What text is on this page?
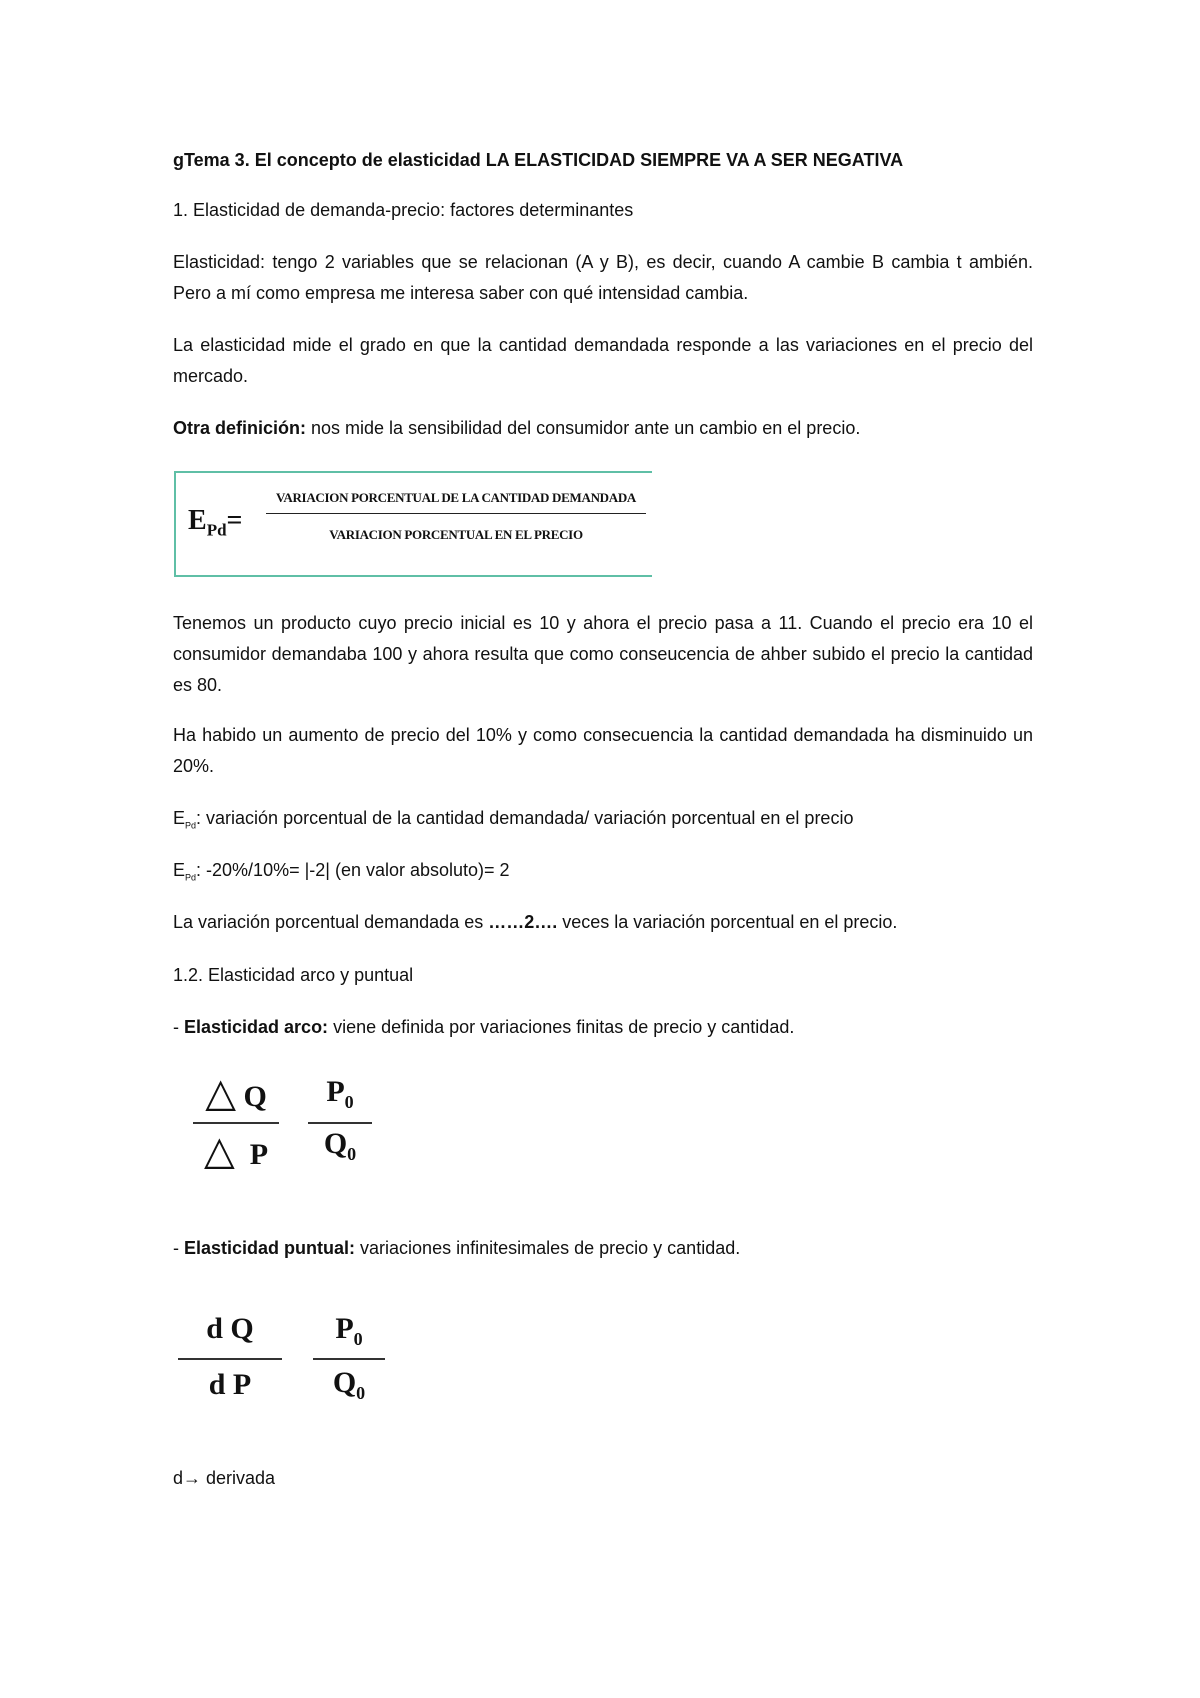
gTema 3. El concepto de elasticidad LA ELASTICIDAD SIEMPRE VA A SER NEGATIVA

1. Elasticidad de demanda-precio: factores determinantes

Elasticidad: tengo 2 variables que se relacionan (A y B), es decir, cuando A cambie B cambia t ambién. Pero a mí como empresa me interesa saber con qué intensidad cambia.

La elasticidad mide el grado en que la cantidad demandada responde a las variaciones en el precio del mercado.

Otra definición: nos mide la sensibilidad del consumidor ante un cambio en el precio.

$E_{Pd}=$
VARIACION PORCENTUAL DE LA CANTIDAD DEMANDADA
VARIACION PORCENTUAL EN EL PRECIO

Tenemos un producto cuyo precio inicial es 10 y ahora el precio pasa a 11. Cuando el precio era 10 el consumidor demandaba 100 y ahora resulta que como conseucencia de ahber subido el precio la cantidad es 80.

Ha habido un aumento de precio del 10% y como consecuencia la cantidad demandada ha disminuido un 20%.

$E_{Pd}$: variación porcentual de la cantidad demandada/ variación porcentual en el precio

$E_{Pd}$: -20%/10%= |-2| (en valor absoluto)= 2

La variación porcentual demandada es ……2…. veces la variación porcentual en el precio.

1.2. Elasticidad arco y puntual

- Elasticidad arco: viene definida por variaciones finitas de precio y cantidad.

△ Q
△ P
$P_0$
$Q_0$

- Elasticidad puntual: variaciones infinitesimales de precio y cantidad.

d Q
d P
$P_0$
$Q_0$

d→ derivada
